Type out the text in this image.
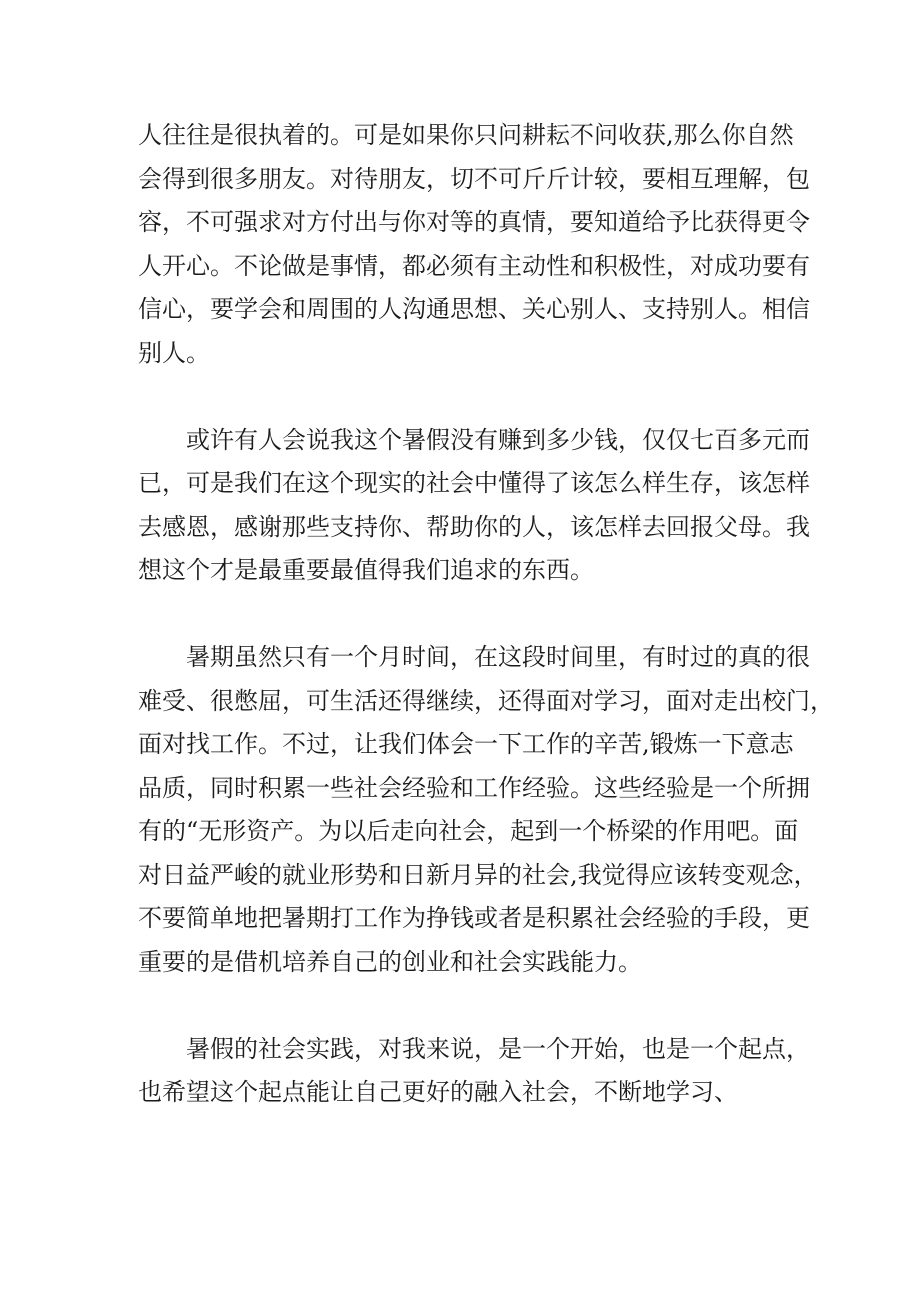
人往往是很执着的。可是如果你只问耕耘不问收获,那么你自然
会得到很多朋友。对待朋友，切不可斤斤计较，要相互理解，包
容，不可强求对方付出与你对等的真情，要知道给予比获得更令
人开心。不论做是事情，都必须有主动性和积极性，对成功要有
信心，要学会和周围的人沟通思想、关心别人、支持别人。相信
别人。
或许有人会说我这个暑假没有赚到多少钱，仅仅七百多元而
已，可是我们在这个现实的社会中懂得了该怎么样生存，该怎样
去感恩，感谢那些支持你、帮助你的人，该怎样去回报父母。我
想这个才是最重要最值得我们追求的东西。
暑期虽然只有一个月时间，在这段时间里，有时过的真的很
难受、很憋屈，可生活还得继续，还得面对学习，面对走出校门，
面对找工作。不过，让我们体会一下工作的辛苦,锻炼一下意志
品质，同时积累一些社会经验和工作经验。这些经验是一个所拥
有的“无形资产。为以后走向社会，起到一个桥梁的作用吧。面
对日益严峻的就业形势和日新月异的社会,我觉得应该转变观念，
不要简单地把暑期打工作为挣钱或者是积累社会经验的手段，更
重要的是借机培养自己的创业和社会实践能力。
暑假的社会实践，对我来说，是一个开始，也是一个起点，
也希望这个起点能让自己更好的融入社会，不断地学习、
